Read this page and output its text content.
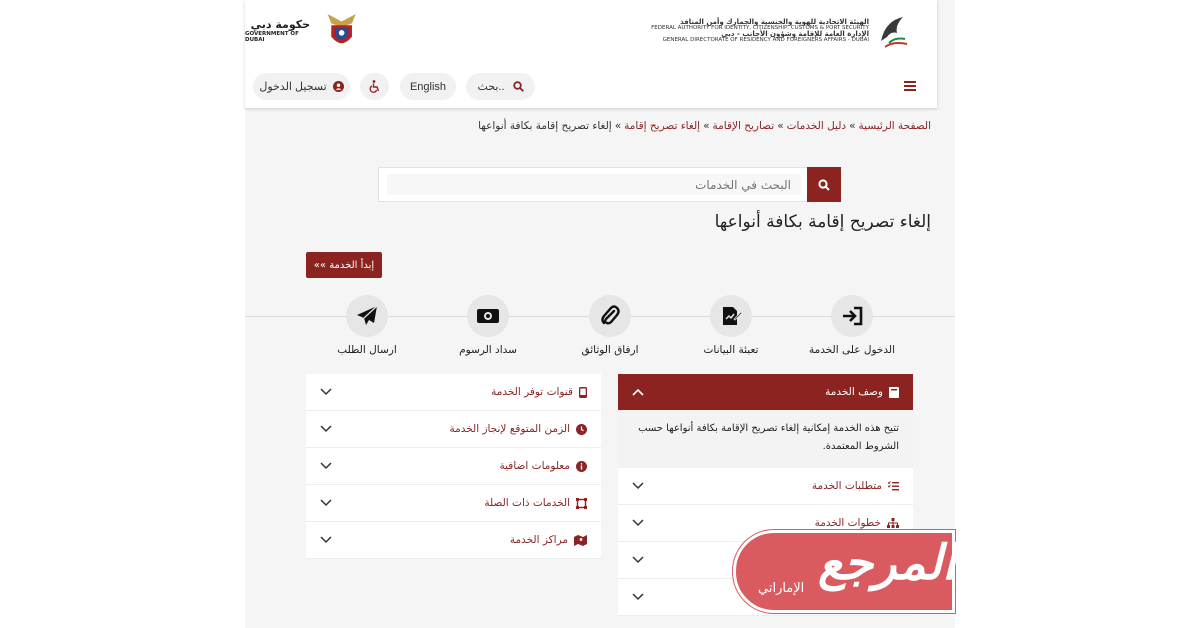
حكومة دبي
GOVERNMENT OF DUBAI
الهيئة الاتحادية للهوية والجنسية والجمارك وأمن المنافذ
FEDERAL AUTHORITY FOR IDENTITY, CITIZENSHIP, CUSTOMS & PORT SECURITY
الإدارة العامة للإقامة وشؤون الأجانب - دبي
GENERAL DIRECTORATE OF RESIDENCY AND FOREIGNERS AFFAIRS - DUBAI
بحث..
English
تسجيل الدخول
الصفحة الرئيسية»دليل الخدمات»تصاريح الإقامة»إلغاء تصريح إقامة»إلغاء تصريح إقامة بكافة أنواعها
البحث في الخدمات
إلغاء تصريح إقامة بكافة أنواعها
إبدأ الخدمة »»
الدخول على الخدمة
تعبئة البيانات
ارفاق الوثائق
سداد الرسوم
ارسال الطلب
وصف الخدمة
تتيح هذه الخدمة إمكانية إلغاء تصريح الإقامة بكافة أنواعها حسب الشروط المعتمدة.
متطلبات الخدمة
خطوات الخدمة
قنوات توفر الخدمة
الزمن المتوقع لإنجاز الخدمة
معلومات اضافية
الخدمات ذات الصلة
مراكز الخدمة	المرجع
الإماراتي
